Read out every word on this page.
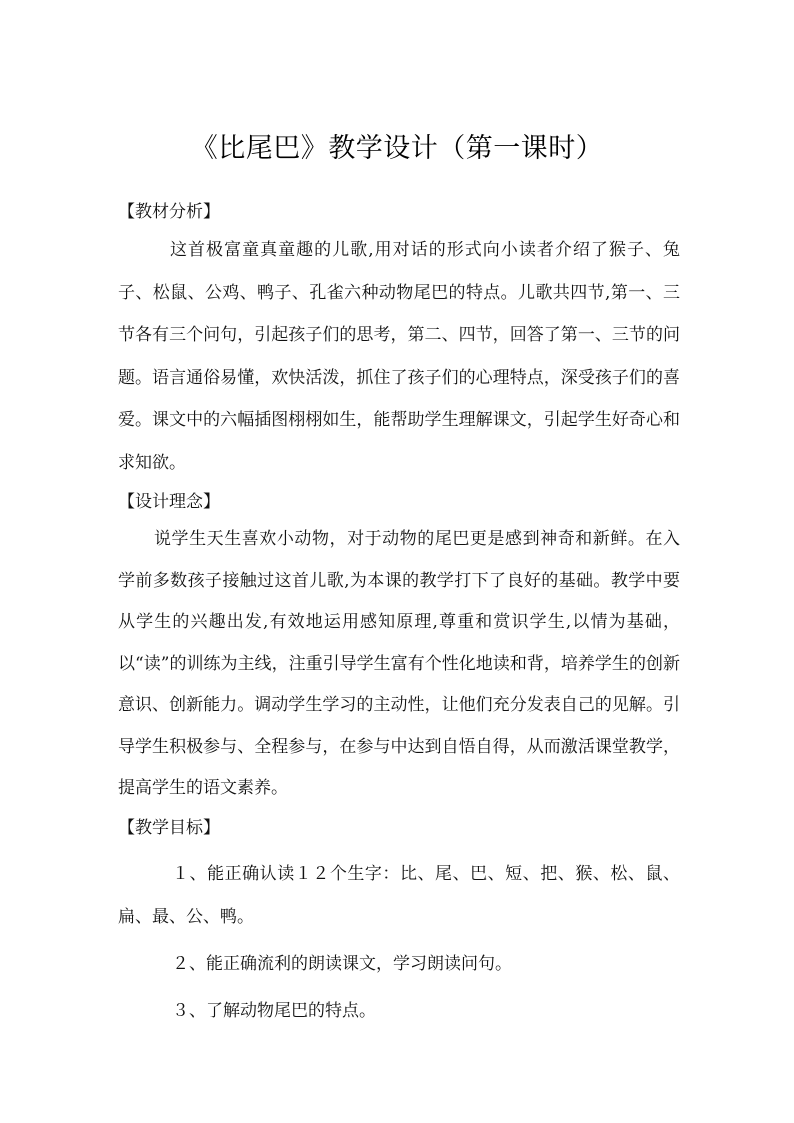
《比尾巴》教学设计（第一课时）
【教材分析】

这首极富童真童趣的儿歌,用对话的形式向小读者介绍了猴子、兔子、松鼠、公鸡、鸭子、孔雀六种动物尾巴的特点。儿歌共四节,第一、三节各有三个问句，引起孩子们的思考，第二、四节，回答了第一、三节的问题。语言通俗易懂，欢快活泼，抓住了孩子们的心理特点，深受孩子们的喜爱。课文中的六幅插图栩栩如生，能帮助学生理解课文，引起学生好奇心和求知欲。

【设计理念】

说学生天生喜欢小动物，对于动物的尾巴更是感到神奇和新鲜。在入学前多数孩子接触过这首儿歌,为本课的教学打下了良好的基础。教学中要从学生的兴趣出发,有效地运用感知原理,尊重和赏识学生,以情为基础，以“读”的训练为主线，注重引导学生富有个性化地读和背，培养学生的创新意识、创新能力。调动学生学习的主动性，让他们充分发表自己的见解。引导学生积极参与、全程参与，在参与中达到自悟自得，从而激活课堂教学，提高学生的语文素养。

【教学目标】

１、能正确认读１２个生字：比、尾、巴、短、把、猴、松、鼠、扁、最、公、鸭。

２、能正确流利的朗读课文，学习朗读问句。

３、了解动物尾巴的特点。
